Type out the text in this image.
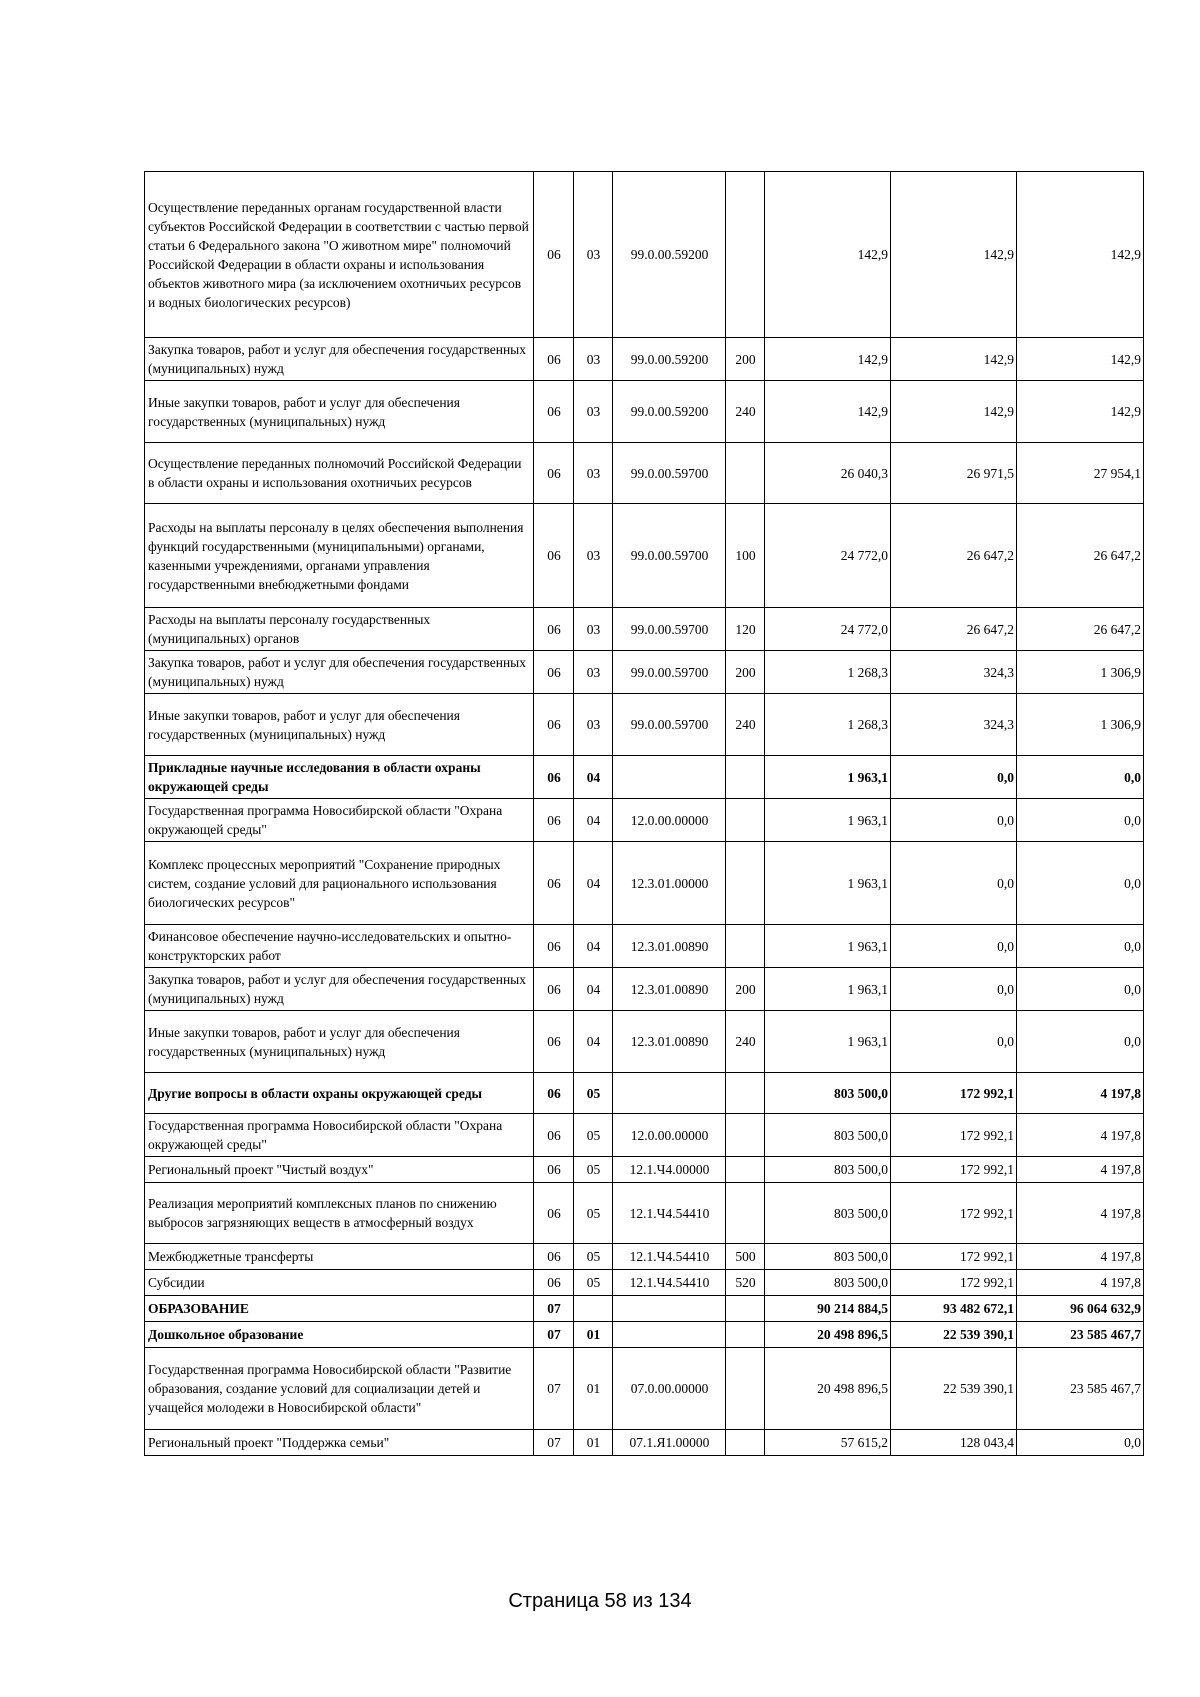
Осуществление переданных органам государственной власти субъектов Российской Федерации в соответствии с частью первой статьи 6 Федерального закона "О животном мире" полномочий Российской Федерации в области охраны и использования объектов животного мира (за исключением охотничьих ресурсов и водных биологических ресурсов)	06	03	99.0.00.59200		142,9	142,9	142,9
Закупка товаров, работ и услуг для обеспечения государственных (муниципальных) нужд	06	03	99.0.00.59200	200	142,9	142,9	142,9
Иные закупки товаров, работ и услуг для обеспечения государственных (муниципальных) нужд	06	03	99.0.00.59200	240	142,9	142,9	142,9
Осуществление переданных полномочий Российской Федерации в области охраны и использования охотничьих ресурсов	06	03	99.0.00.59700		26 040,3	26 971,5	27 954,1
Расходы на выплаты персоналу в целях обеспечения выполнения функций государственными (муниципальными) органами, казенными учреждениями, органами управления государственными внебюджетными фондами	06	03	99.0.00.59700	100	24 772,0	26 647,2	26 647,2
Расходы на выплаты персоналу государственных (муниципальных) органов	06	03	99.0.00.59700	120	24 772,0	26 647,2	26 647,2
Закупка товаров, работ и услуг для обеспечения государственных (муниципальных) нужд	06	03	99.0.00.59700	200	1 268,3	324,3	1 306,9
Иные закупки товаров, работ и услуг для обеспечения государственных (муниципальных) нужд	06	03	99.0.00.59700	240	1 268,3	324,3	1 306,9
Прикладные научные исследования в области охраны окружающей среды	06	04			1 963,1	0,0	0,0
Государственная программа Новосибирской области "Охрана окружающей среды"	06	04	12.0.00.00000		1 963,1	0,0	0,0
Комплекс процессных мероприятий "Сохранение природных систем, создание условий для рационального использования биологических ресурсов"	06	04	12.3.01.00000		1 963,1	0,0	0,0
Финансовое обеспечение научно-исследовательских и опытно-конструкторских работ	06	04	12.3.01.00890		1 963,1	0,0	0,0
Закупка товаров, работ и услуг для обеспечения государственных (муниципальных) нужд	06	04	12.3.01.00890	200	1 963,1	0,0	0,0
Иные закупки товаров, работ и услуг для обеспечения государственных (муниципальных) нужд	06	04	12.3.01.00890	240	1 963,1	0,0	0,0
Другие вопросы в области охраны окружающей среды	06	05			803 500,0	172 992,1	4 197,8
Государственная программа Новосибирской области "Охрана окружающей среды"	06	05	12.0.00.00000		803 500,0	172 992,1	4 197,8
Региональный проект "Чистый воздух"	06	05	12.1.Ч4.00000		803 500,0	172 992,1	4 197,8
Реализация мероприятий комплексных планов по снижению выбросов загрязняющих веществ в атмосферный воздух	06	05	12.1.Ч4.54410		803 500,0	172 992,1	4 197,8
Межбюджетные трансферты	06	05	12.1.Ч4.54410	500	803 500,0	172 992,1	4 197,8
Субсидии	06	05	12.1.Ч4.54410	520	803 500,0	172 992,1	4 197,8
ОБРАЗОВАНИЕ	07				90 214 884,5	93 482 672,1	96 064 632,9
Дошкольное образование	07	01			20 498 896,5	22 539 390,1	23 585 467,7
Государственная программа Новосибирской области "Развитие образования, создание условий для социализации детей и учащейся молодежи в Новосибирской области"	07	01	07.0.00.00000		20 498 896,5	22 539 390,1	23 585 467,7
Региональный проект "Поддержка семьи"	07	01	07.1.Я1.00000		57 615,2	128 043,4	0,0
Страница 58 из 134
